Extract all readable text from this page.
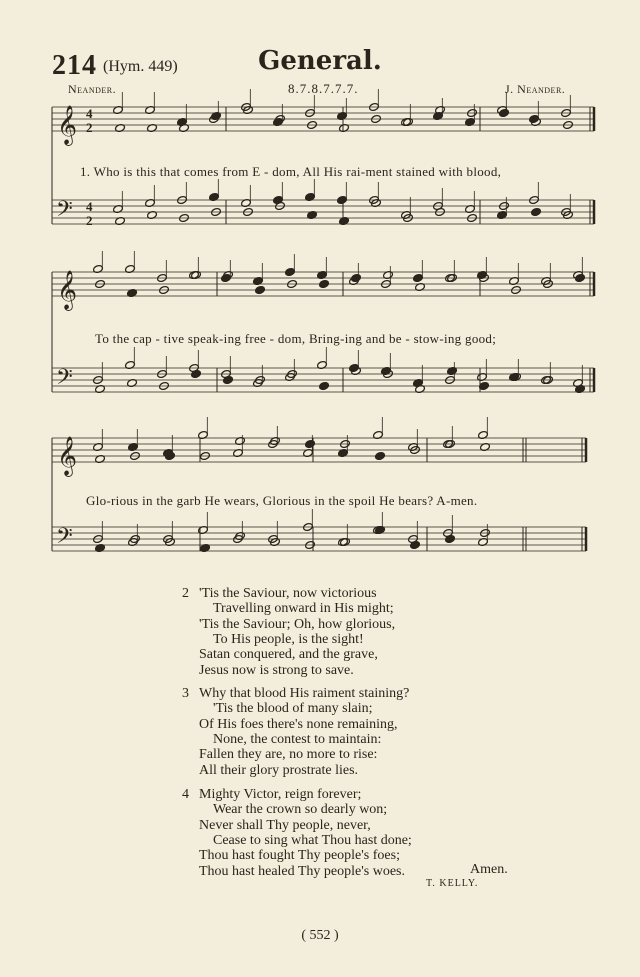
214 (Hym. 449)	General.
Neander.	8.7.8.7.7.7.	J. Neander.
𝄞 4
2
𝄢 4
2
𝄞
𝄢
𝄞
𝄢
1. Who is this that comes from E - dom, All His rai-ment stained with blood,
To the cap - tive speak-ing free - dom, Bring-ing and be - stow-ing good;
Glo-rious in the garb He wears, Glorious in the spoil He bears? A-men.
2 'Tis the Saviour, now victorious
Travelling onward in His might;
'Tis the Saviour; Oh, how glorious,
To His people, is the sight!
Satan conquered, and the grave,
Jesus now is strong to save.
3 Why that blood His raiment staining?
'Tis the blood of many slain;
Of His foes there's none remaining,
None, the contest to maintain:
Fallen they are, no more to rise:
All their glory prostrate lies.
4 Mighty Victor, reign forever;
Wear the crown so dearly won;
Never shall Thy people, never,
Cease to sing what Thou hast done;
Thou hast fought Thy people's foes;
Thou hast healed Thy people's woes.	Amen.
T. KELLY.
( 552 )
